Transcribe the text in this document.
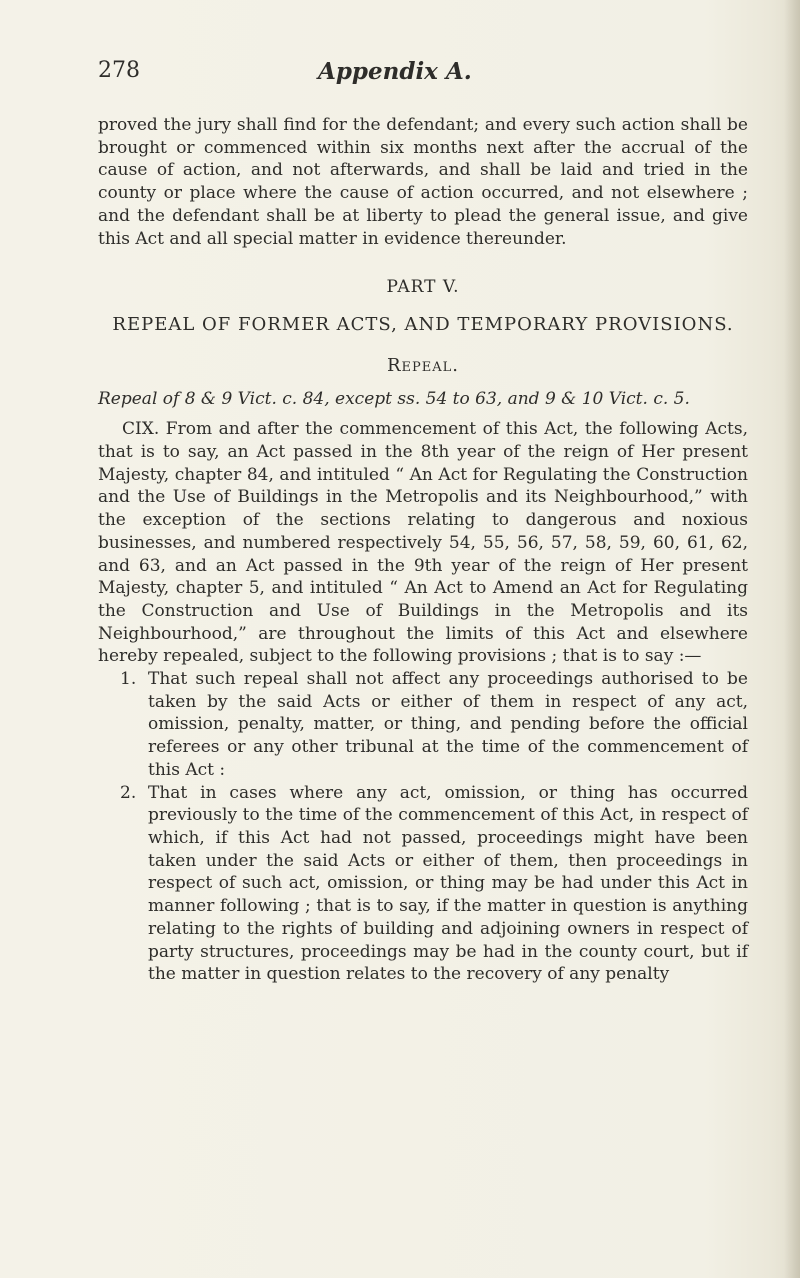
278	Appendix A.

proved the jury shall find for the defendant; and every such action shall be brought or commenced within six months next after the accrual of the cause of action, and not afterwards, and shall be laid and tried in the county or place where the cause of action occurred, and not elsewhere ; and the defendant shall be at liberty to plead the general issue, and give this Act and all special matter in evidence thereunder.

PART V.

REPEAL OF FORMER ACTS, AND TEMPORARY PROVISIONS.

Repeal.

Repeal of 8 & 9 Vict. c. 84, except ss. 54 to 63, and 9 & 10 Vict. c. 5.

CIX. From and after the commencement of this Act, the following Acts, that is to say, an Act passed in the 8th year of the reign of Her present Majesty, chapter 84, and intituled “ An Act for Regulating the Construction and the Use of Buildings in the Metropolis and its Neighbourhood,” with the exception of the sections relating to dangerous and noxious businesses, and numbered respectively 54, 55, 56, 57, 58, 59, 60, 61, 62, and 63, and an Act passed in the 9th year of the reign of Her present Majesty, chapter 5, and intituled “ An Act to Amend an Act for Regulating the Construction and Use of Buildings in the Metropolis and its Neighbourhood,” are throughout the limits of this Act and elsewhere hereby repealed, subject to the following provisions ; that is to say :—

1. That such repeal shall not affect any proceedings authorised to be taken by the said Acts or either of them in respect of any act, omission, penalty, matter, or thing, and pending before the official referees or any other tribunal at the time of the commencement of this Act :
2. That in cases where any act, omission, or thing has occurred previously to the time of the commencement of this Act, in respect of which, if this Act had not passed, proceedings might have been taken under the said Acts or either of them, then proceedings in respect of such act, omission, or thing may be had under this Act in manner following ; that is to say, if the matter in question is anything relating to the rights of building and adjoining owners in respect of party structures, proceedings may be had in the county court, but if the matter in question relates to the recovery of any penalty
